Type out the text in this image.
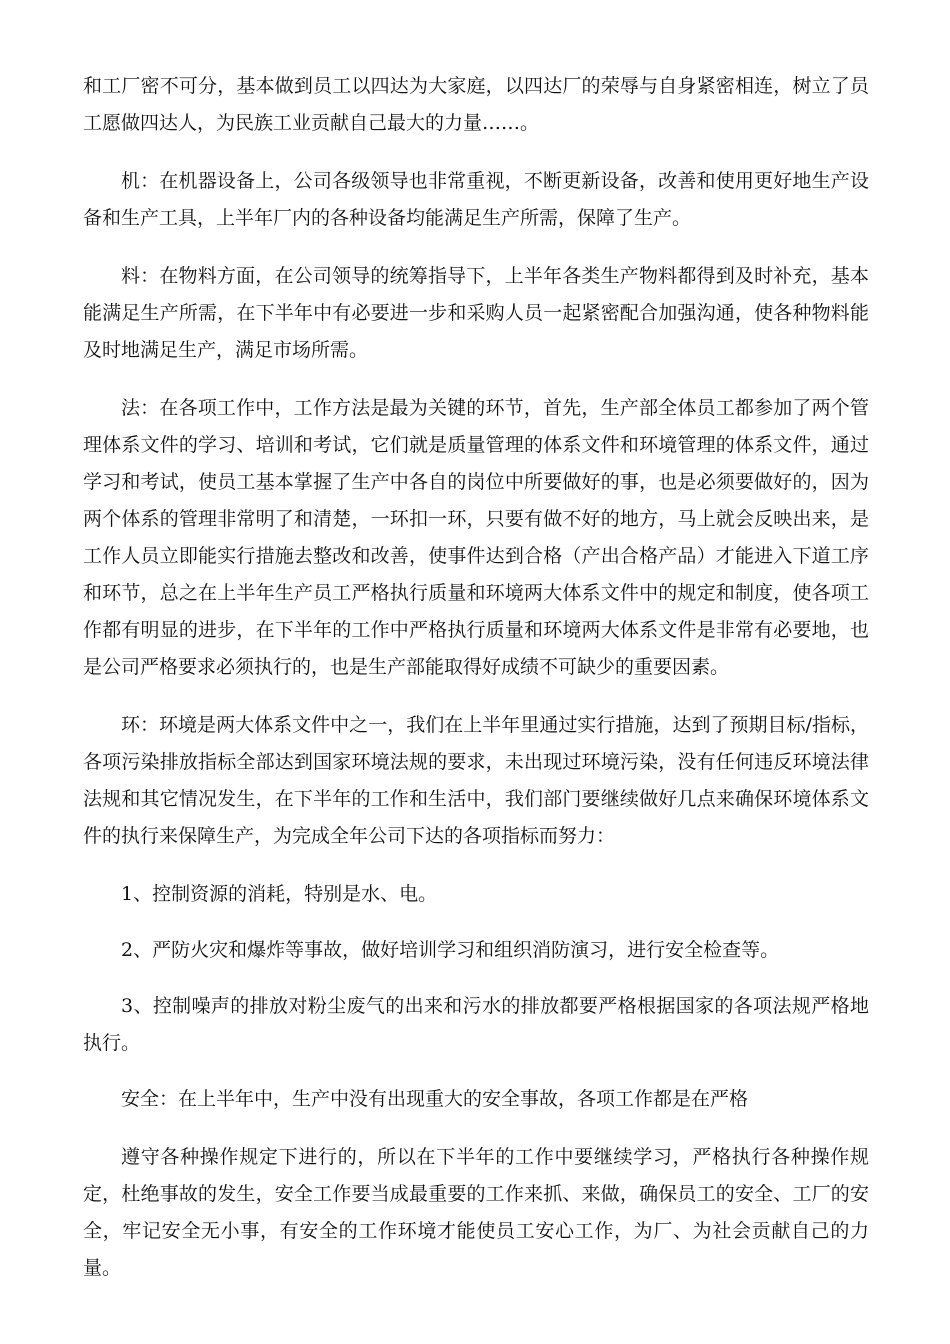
和工厂密不可分，基本做到员工以四达为大家庭，以四达厂的荣辱与自身紧密相连，树立了员工愿做四达人，为民族工业贡献自己最大的力量……。

机：在机器设备上，公司各级领导也非常重视，不断更新设备，改善和使用更好地生产设备和生产工具，上半年厂内的各种设备均能满足生产所需，保障了生产。

料：在物料方面，在公司领导的统筹指导下，上半年各类生产物料都得到及时补充，基本能满足生产所需，在下半年中有必要进一步和采购人员一起紧密配合加强沟通，使各种物料能及时地满足生产，满足市场所需。

法：在各项工作中，工作方法是最为关键的环节，首先，生产部全体员工都参加了两个管理体系文件的学习、培训和考试，它们就是质量管理的体系文件和环境管理的体系文件，通过学习和考试，使员工基本掌握了生产中各自的岗位中所要做好的事，也是必须要做好的，因为两个体系的管理非常明了和清楚，一环扣一环，只要有做不好的地方，马上就会反映出来，是工作人员立即能实行措施去整改和改善，使事件达到合格（产出合格产品）才能进入下道工序和环节，总之在上半年生产员工严格执行质量和环境两大体系文件中的规定和制度，使各项工作都有明显的进步，在下半年的工作中严格执行质量和环境两大体系文件是非常有必要地，也是公司严格要求必须执行的，也是生产部能取得好成绩不可缺少的重要因素。

环：环境是两大体系文件中之一，我们在上半年里通过实行措施，达到了预期目标/指标，各项污染排放指标全部达到国家环境法规的要求，未出现过环境污染，没有任何违反环境法律法规和其它情况发生，在下半年的工作和生活中，我们部门要继续做好几点来确保环境体系文件的执行来保障生产，为完成全年公司下达的各项指标而努力：

1、控制资源的消耗，特别是水、电。

2、严防火灾和爆炸等事故，做好培训学习和组织消防演习，进行安全检查等。

3、控制噪声的排放对粉尘废气的出来和污水的排放都要严格根据国家的各项法规严格地执行。

安全：在上半年中，生产中没有出现重大的安全事故，各项工作都是在严格

遵守各种操作规定下进行的，所以在下半年的工作中要继续学习，严格执行各种操作规定，杜绝事故的发生，安全工作要当成最重要的工作来抓、来做，确保员工的安全、工厂的安全，牢记安全无小事，有安全的工作环境才能使员工安心工作，为厂、为社会贡献自己的力量。
